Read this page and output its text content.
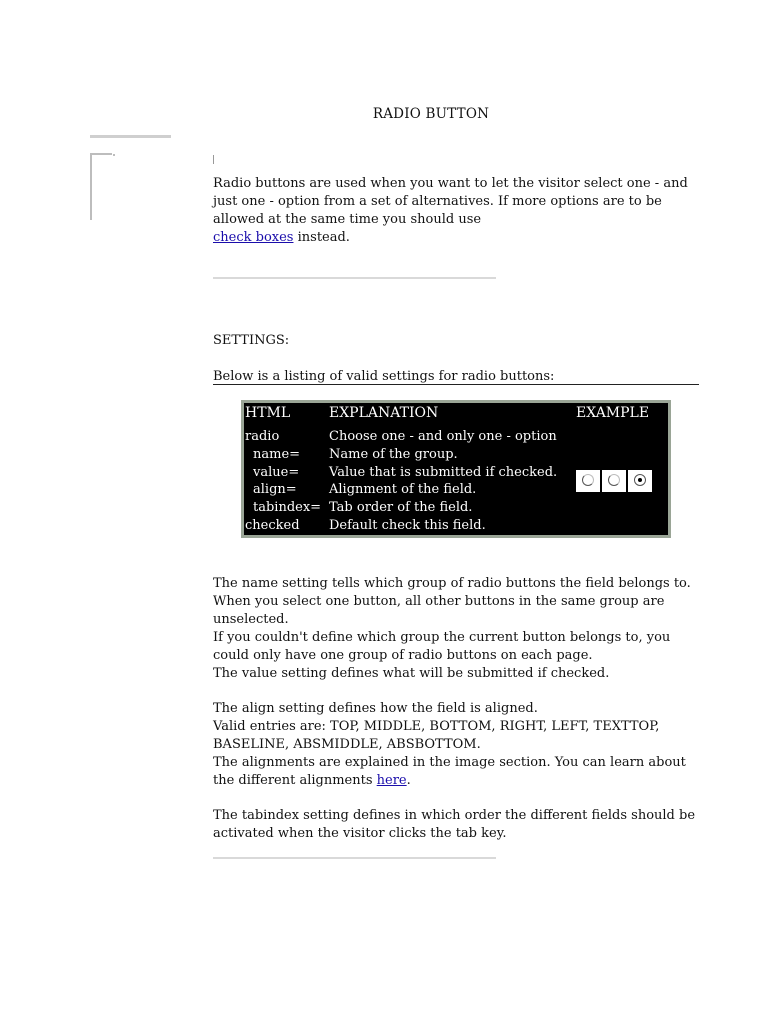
RADIO BUTTON
Radio buttons are used when you want to let the visitor select one - and just one - option from a set of alternatives. If more options are to be allowed at the same time you should use
check boxes instead.
SETTINGS:
Below is a listing of valid settings for radio buttons:
HTML	EXPLANATION	EXAMPLE
radio
name=
value=
align=
tabindex=
checked
Choose one - and only one - option
Name of the group.
Value that is submitted if checked.
Alignment of the field.
Tab order of the field.
Default check this field.
The name setting tells which group of radio buttons the field belongs to. When you select one button, all other buttons in the same group are unselected.
If you couldn't define which group the current button belongs to, you could only have one group of radio buttons on each page.
The value setting defines what will be submitted if checked.
The align setting defines how the field is aligned.
Valid entries are: TOP, MIDDLE, BOTTOM, RIGHT, LEFT, TEXTTOP, BASELINE, ABSMIDDLE, ABSBOTTOM.
The alignments are explained in the image section. You can learn about the different alignments here.
The tabindex setting defines in which order the different fields should be activated when the visitor clicks the tab key.
